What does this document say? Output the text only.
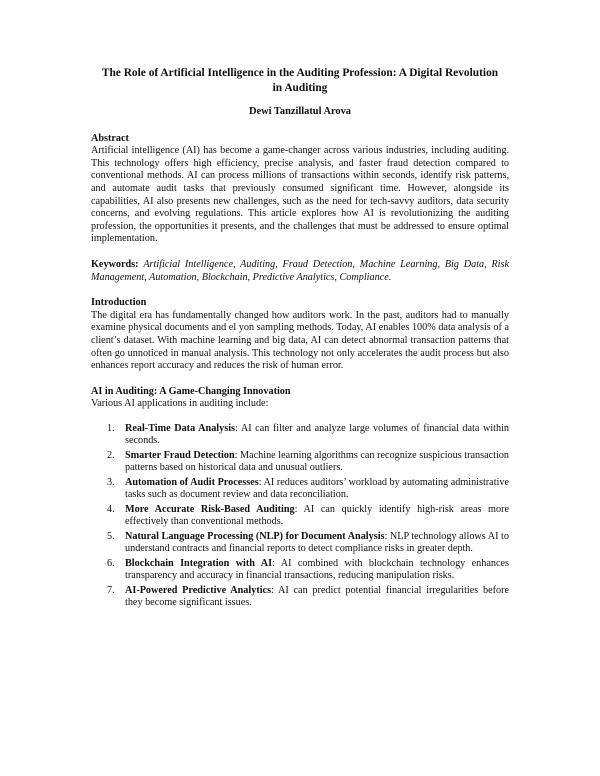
The Role of Artificial Intelligence in the Auditing Profession: A Digital Revolution in Auditing
Dewi Tanzillatul Arova
Abstract

Artificial intelligence (AI) has become a game-changer across various industries, including auditing. This technology offers high efficiency, precise analysis, and faster fraud detection compared to conventional methods. AI can process millions of transactions within seconds, identify risk patterns, and automate audit tasks that previously consumed significant time. However, alongside its capabilities, AI also presents new challenges, such as the need for tech-savvy auditors, data security concerns, and evolving regulations. This article explores how AI is revolutionizing the auditing profession, the opportunities it presents, and the challenges that must be addressed to ensure optimal implementation.

Keywords: Artificial Intelligence, Auditing, Fraud Detection, Machine Learning, Big Data, Risk Management, Automation, Blockchain, Predictive Analytics, Compliance.

Introduction

The digital era has fundamentally changed how auditors work. In the past, auditors had to manually examine physical documents and el yon sampling methods. Today, AI enables 100% data analysis of a client’s dataset. With machine learning and big data, AI can detect abnormal transaction patterns that often go unnoticed in manual analysis. This technology not only accelerates the audit process but also enhances report accuracy and reduces the risk of human error.

AI in Auditing: A Game-Changing Innovation

Various AI applications in auditing include:

1. Real-Time Data Analysis: AI can filter and analyze large volumes of financial data within seconds.
2. Smarter Fraud Detection: Machine learning algorithms can recognize suspicious transaction patterns based on historical data and unusual outliers.
3. Automation of Audit Processes: AI reduces auditors’ workload by automating administrative tasks such as document review and data reconciliation.
4. More Accurate Risk-Based Auditing: AI can quickly identify high-risk areas more effectively than conventional methods.
5. Natural Language Processing (NLP) for Document Analysis: NLP technology allows AI to understand contracts and financial reports to detect compliance risks in greater depth.
6. Blockchain Integration with AI: AI combined with blockchain technology enhances transparency and accuracy in financial transactions, reducing manipulation risks.
7. AI-Powered Predictive Analytics: AI can predict potential financial irregularities before they become significant issues.
